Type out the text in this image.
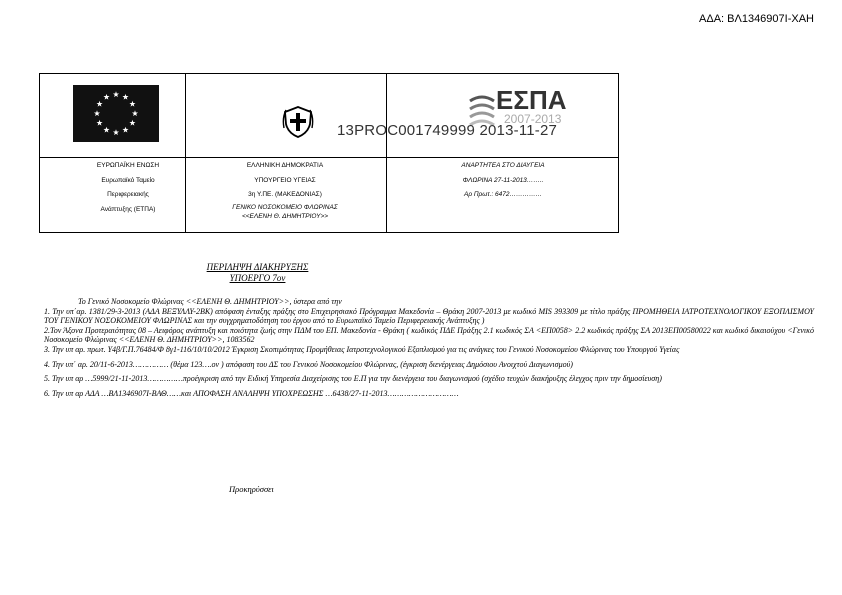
ΑΔΑ: ΒΛ1346907Ι-ΧΑΗ
ΕΣΠΑ
2007-2013
13PROC001749999 2013-11-27
ΕΥΡΩΠΑΪΚΗ ΕΝΩΣΗ
Ευρωπαϊκό Ταμείο
Περιφερειακής
Ανάπτυξης (ΕΤΠΑ)
ΕΛΛΗΝΙΚΗ ΔΗΜΟΚΡΑΤΙΑ
ΥΠΟΥΡΓΕΙΟ ΥΓΕΙΑΣ
3η Υ.ΠΕ. (ΜΑΚΕΔΟΝΙΑΣ)
ΓΕΝΙΚΟ ΝΟΣΟΚΟΜΕΙΟ ΦΛΩΡΙΝΑΣ
<<ΕΛΕΝΗ Θ. ΔΗΜΗΤΡΙΟΥ>>
ΑΝΑΡΤΗΤΕΑ ΣΤΟ ΔΙΑΥΓΕΙΑ
ΦΛΩΡΙΝΑ 27-11-2013……..
Αρ Πρωτ.: 6472……………
ΠΕΡΙΛΗΨΗ ΔΙΑΚΗΡΥΞΗΣ
ΥΠΟΕΡΓΟ 7ον

Το Γενικό Νοσοκομείο Φλώρινας <<ΕΛΕΝΗ Θ. ΔΗΜΗΤΡΙΟΥ>>, ύστερα από την

1. Την υπ΄αρ. 1381/29-3-2013 (ΑΔΑ ΒΕΞΥΛΛΥ-2ΒΚ) απόφαση ένταξης πράξης στο Επιχειρησιακό Πρόγραμμα Μακεδονία – Θράκη 2007-2013 με κωδικό MIS 393309 με τίτλο πράξης ΠΡΟΜΗΘΕΙΑ ΙΑΤΡΟΤΕΧΝΟΛΟΓΙΚΟΥ ΕΞΟΠΛΙΣΜΟΥ ΤΟΥ ΓΕΝΙΚΟΥ ΝΟΣΟΚΟΜΕΙΟΥ ΦΛΩΡΙΝΑΣ και την συγχρηματοδότηση του έργου από το Ευρωπαϊκό Ταμείο Περιφερειακής Ανάπτυξης )

2.Τον Άξονα Προτεραιότητας 08 – Αειφόρος ανάπτυξη και ποιότητα ζωής στην ΠΔΜ του ΕΠ. Μακεδονία - Θράκη ( κωδικός ΠΔΕ Πράξης 2.1 κωδικός ΣΑ <ΕΠ0058> 2.2 κωδικός πράξης ΣΑ 2013ΕΠ00580022 και κωδικό δικαιούχου <Γενικό Νοσοκομείο Φλώρινας <<ΕΛΕΝΗ Θ. ΔΗΜΗΤΡΙΟΥ>>, 1083562

3. Την υπ αρ. πρωτ. Υ4β/Γ.Π.76484/Φ 8γ1-116/10/10/2012 Έγκριση Σκοπιμότητας Προμήθειας Ιατροτεχνολογικού Εξοπλισμού για τις ανάγκες του Γενικού Νοσοκομείου Φλώρινας του Υπουργού Υγείας

4. Την υπ΄ αρ. 20/11-6-2013…………… (θέμα 123….ον ) απόφαση του ΔΣ του Γενικού Νοσοκομείου Φλώρινας, (έγκριση διενέργειας Δημόσιου Ανοιχτού Διαγωνισμού)

5. Την υπ αρ …5999/21-11-2013……………προέγκριση από την Ειδική Υπηρεσία Διαχείρισης του Ε.Π για την διενέργεια του διαγωνισμού (σχέδιο τευχών διακήρυξης έλεγχος πριν την δημοσίευση)

6. Την υπ αρ ΑΔΑ …ΒΛ1346907Ι-ΒΑΘ……και ΑΠΟΦΑΣΗ ΑΝΑΛΗΨΗ ΥΠΟΧΡΕΩΣΗΣ …6438/27-11-2013…………………………

Προκηρύσσει
